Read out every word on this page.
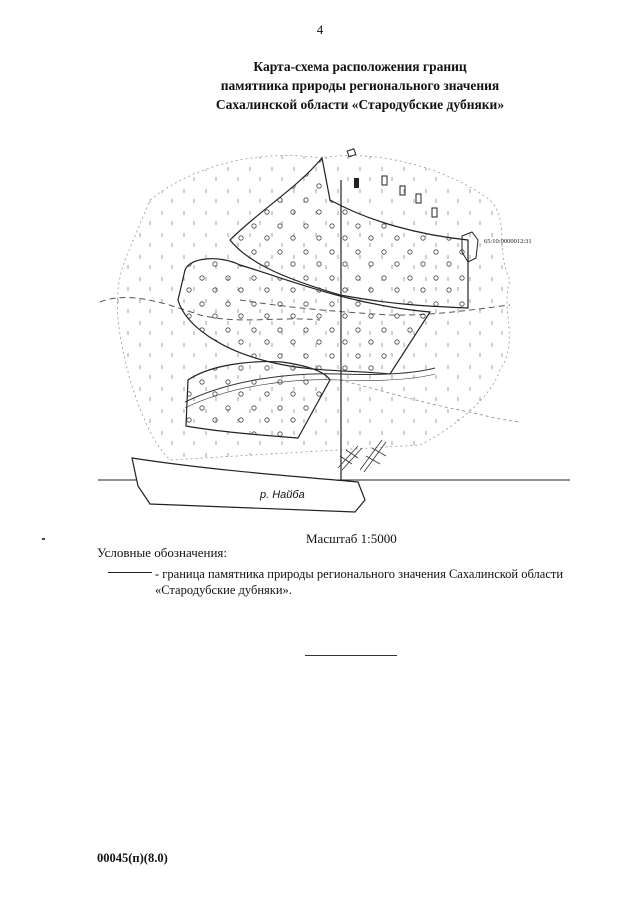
4
Карта-схема расположения границ
памятника природы регионального значения
Сахалинской области «Стародубские дубняки»
р. Найба
65:10:0000012:31
Масштаб 1:5000
Условные обозначения:
- граница памятника природы регионального значения Сахалинской области «Стародубские дубняки».
00045(п)(8.0)
